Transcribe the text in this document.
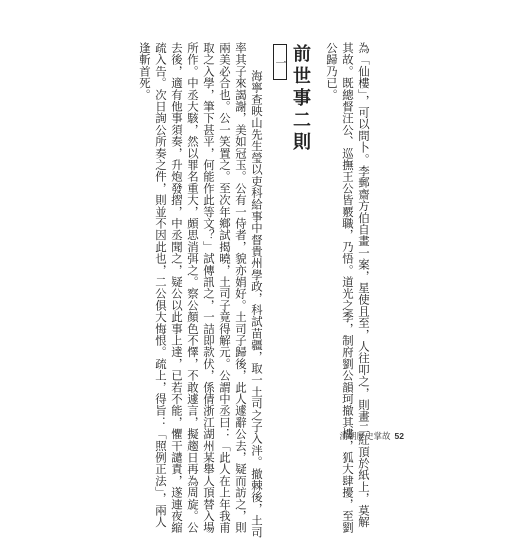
為「仙樓」，可以問卜。李郵齋方伯自畫一案，星使且至，人往叩之，則畫二紅頂於紙上，莫解
其故。既總督汪公、巡撫王公皆覈職，乃悟。道光之季，制府劉公韻珂撤其樓，狐大肆擾，至劉
公歸乃已。
前世事二則
一
海寧查映山先生瑩以吏科給事中督貴州學政，科試苗疆，取一土司之子入泮。撤棘後，土司
率其子來謁謝，美如冠玉。公有一侍者，貌亦娟好。土司子歸後，此人遽辭公去，疑而訪之，則
兩美必合也。公一笑置之。至次年鄉試揭曉，土司子竟得解元。公謂中丞曰：「此人在上年我甫
取之入學，筆下甚平，何能作此等文？」試傳訊之，一詰即款伏，係倩浙江湖州某舉人頂替入場
所作。中丞大駭，然以罪名重大，頗思消弭之。察公顏色不懌，不敢遽言，擬趨日再為周旋。公
去後，適有他事須奏，升炮發摺，中丞聞之，疑公以此事上達，已若不能，懼干譴責，遂連夜縮
疏入告。次日詢公所奏之件，則並不因此也，二公俱大悔恨。疏上，得旨：「照例正法」，兩人
逢斬首死。
清朝歷史掌故 52
